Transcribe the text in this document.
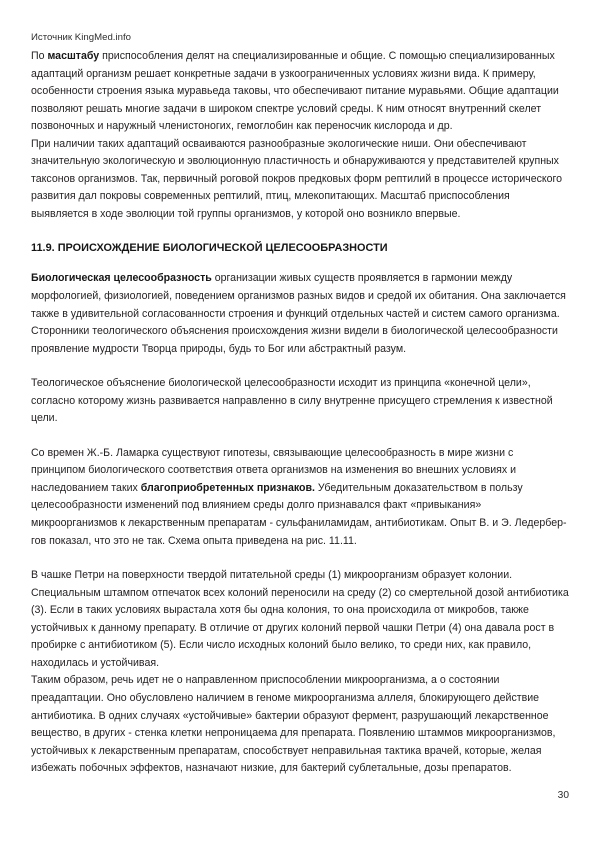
Источник KingMed.info

По масштабу приспособления делят на специализированные и общие. С помощью специализированных адаптаций организм решает конкретные задачи в узкоограниченных условиях жизни вида. К примеру, особенности строения языка муравьеда таковы, что обеспечивают питание муравьями. Общие адаптации позволяют решать многие задачи в широком спектре условий среды. К ним относят внутренний скелет позвоночных и наружный членистоногих, гемоглобин как переносчик кислорода и др.

При наличии таких адаптаций осваиваются разнообразные экологические ниши. Они обеспечивают значительную экологическую и эволюционную пластичность и обнаруживаются у представителей крупных таксонов организмов. Так, первичный роговой покров предковых форм рептилий в процессе исторического развития дал покровы современных рептилий, птиц, млекопитающих. Масштаб приспособления выявляется в ходе эволюции той группы организмов, у которой оно возникло впервые.

11.9. ПРОИСХОЖДЕНИЕ БИОЛОГИЧЕСКОЙ ЦЕЛЕСООБРАЗНОСТИ

Биологическая целесообразность организации живых существ проявляется в гармонии между морфологией, физиологией, поведением организмов разных видов и средой их обитания. Она заключается также в удивительной согласованности строения и функций отдельных частей и систем самого организма. Сторонники теологического объяснения происхождения жизни видели в биологической целесообразности проявление мудрости Творца природы, будь то Бог или абстрактный разум.

Теологическое объяснение биологической целесообразности исходит из принципа «конечной цели», согласно которому жизнь развивается направленно в силу внутренне присущего стремления к известной цели.

Со времен Ж.-Б. Ламарка существуют гипотезы, связывающие целесообразность в мире жизни с принципом биологического соответствия ответа организмов на изменения во внешних условиях и наследованием таких благоприобретенных признаков. Убедительным доказательством в пользу целесообразности изменений под влиянием среды долго признавался факт «привыкания» микроорганизмов к лекарственным препаратам - сульфаниламидам, антибиотикам. Опыт В. и Э. Ледербер-гов показал, что это не так. Схема опыта приведена на рис. 11.11.

В чашке Петри на поверхности твердой питательной среды (1) микроорганизм образует колонии. Специальным штампом отпечаток всех колоний переносили на среду (2) со смертельной дозой антибиотика (3). Если в таких условиях вырастала хотя бы одна колония, то она происходила от микробов, также устойчивых к данному препарату. В отличие от других колоний первой чашки Петри (4) она давала рост в пробирке с антибиотиком (5). Если число исходных колоний было велико, то среди них, как правило, находилась и устойчивая.

Таким образом, речь идет не о направленном приспособлении микроорганизма, а о состоянии преадаптации. Оно обусловлено наличием в геноме микроорганизма аллеля, блокирующего действие антибиотика. В одних случаях «устойчивые» бактерии образуют фермент, разрушающий лекарственное вещество, в других - стенка клетки непроницаема для препарата. Появлению штаммов микроорганизмов, устойчивых к лекарственным препаратам, способствует неправильная тактика врачей, которые, желая избежать побочных эффектов, назначают низкие, для бактерий сублетальные, дозы препаратов.

30
